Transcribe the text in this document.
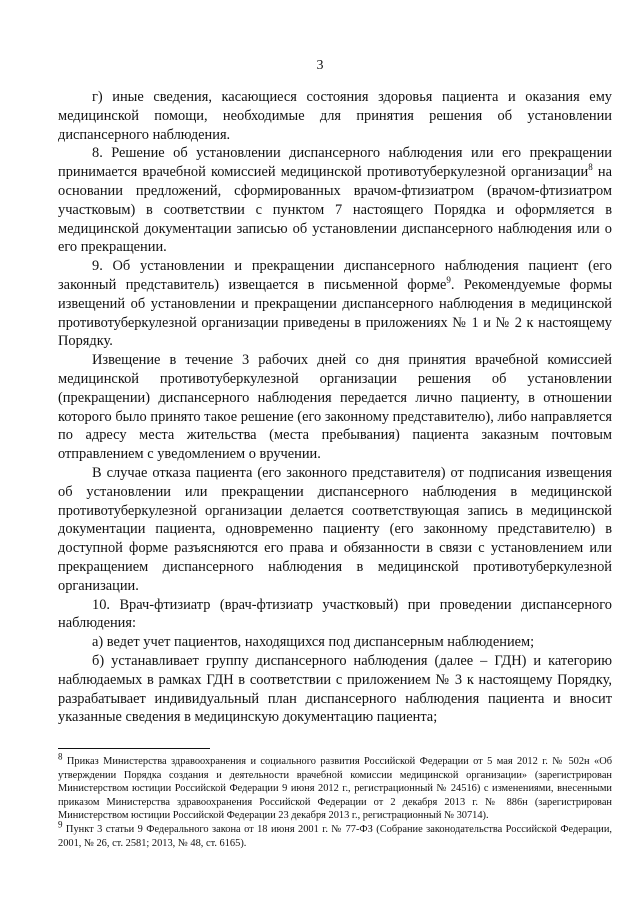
3

г) иные сведения, касающиеся состояния здоровья пациента и оказания ему медицинской помощи, необходимые для принятия решения об установлении диспансерного наблюдения.

8. Решение об установлении диспансерного наблюдения или его прекращении принимается врачебной комиссией медицинской противотуберкулезной организации$^8$ на основании предложений, сформированных врачом-фтизиатром (врачом-фтизиатром участковым) в соответствии с пунктом 7 настоящего Порядка и оформляется в медицинской документации записью об установлении диспансерного наблюдения или о его прекращении.

9. Об установлении и прекращении диспансерного наблюдения пациент (его законный представитель) извещается в письменной форме$^9$. Рекомендуемые формы извещений об установлении и прекращении диспансерного наблюдения в медицинской противотуберкулезной организации приведены в приложениях № 1 и № 2 к настоящему Порядку.

Извещение в течение 3 рабочих дней со дня принятия врачебной комиссией медицинской противотуберкулезной организации решения об установлении (прекращении) диспансерного наблюдения передается лично пациенту, в отношении которого было принято такое решение (его законному представителю), либо направляется по адресу места жительства (места пребывания) пациента заказным почтовым отправлением с уведомлением о вручении.

В случае отказа пациента (его законного представителя) от подписания извещения об установлении или прекращении диспансерного наблюдения в медицинской противотуберкулезной организации делается соответствующая запись в медицинской документации пациента, одновременно пациенту (его законному представителю) в доступной форме разъясняются его права и обязанности в связи с установлением или прекращением диспансерного наблюдения в медицинской противотуберкулезной организации.

10. Врач-фтизиатр (врач-фтизиатр участковый) при проведении диспансерного наблюдения:

а) ведет учет пациентов, находящихся под диспансерным наблюдением;

б) устанавливает группу диспансерного наблюдения (далее – ГДН) и категорию наблюдаемых в рамках ГДН в соответствии с приложением № 3 к настоящему Порядку, разрабатывает индивидуальный план диспансерного наблюдения пациента и вносит указанные сведения в медицинскую документацию пациента;

$^8$ Приказ Министерства здравоохранения и социального развития Российской Федерации от 5 мая 2012 г. № 502н «Об утверждении Порядка создания и деятельности врачебной комиссии медицинской организации» (зарегистрирован Министерством юстиции Российской Федерации 9 июня 2012 г., регистрационный № 24516) с изменениями, внесенными приказом Министерства здравоохранения Российской Федерации от 2 декабря 2013 г. № 886н (зарегистрирован Министерством юстиции Российской Федерации 23 декабря 2013 г., регистрационный № 30714).

$^9$ Пункт 3 статьи 9 Федерального закона от 18 июня 2001 г. № 77-ФЗ (Собрание законодательства Российской Федерации, 2001, № 26, ст. 2581; 2013, № 48, ст. 6165).
